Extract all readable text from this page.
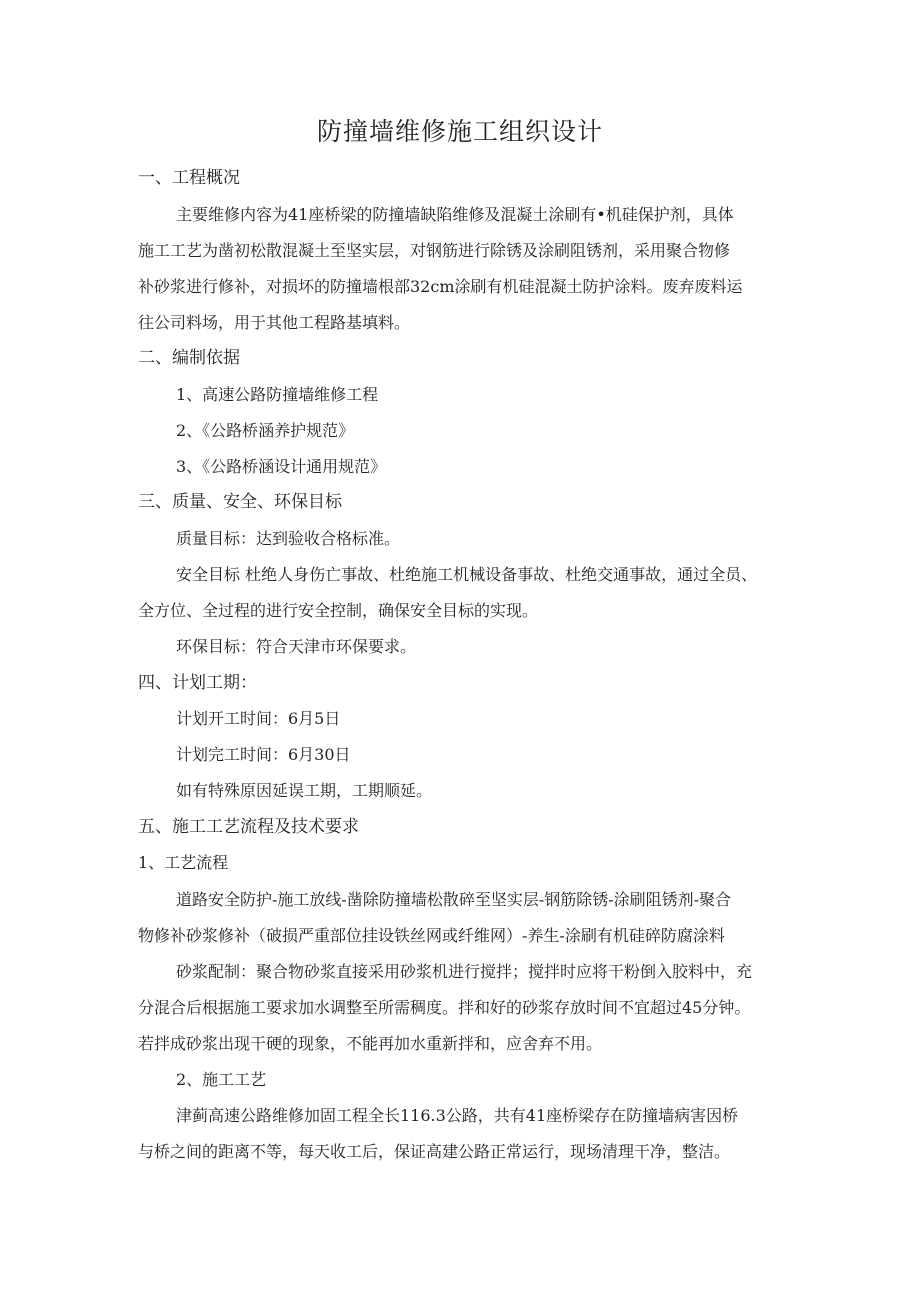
防撞墙维修施工组织设计
一、工程概况
主要维修内容为41座桥梁的防撞墙缺陷维修及混凝土涂刷有•机硅保护剂，具体
施工工艺为凿初松散混凝土至坚实层，对钢筋进行除锈及涂刷阻锈剂，采用聚合物修
补砂浆进行修补，对损坏的防撞墙根部32cm涂刷有机硅混凝土防护涂料。废弃废料运
往公司料场，用于其他工程路基填料。
二、编制依据
1、高速公路防撞墙维修工程
2、《公路桥涵养护规范》
3、《公路桥涵设计通用规范》
三、质量、安全、环保目标
质量目标：达到验收合格标准。
安全目标 杜绝人身伤亡事故、杜绝施工机械设备事故、杜绝交通事故，通过全员、
全方位、全过程的进行安全控制，确保安全目标的实现。
环保目标：符合天津市环保要求。
四、计划工期：
计划开工时间：6月5日
计划完工时间：6月30日
如有特殊原因延误工期，工期顺延。
五、施工工艺流程及技术要求
1、工艺流程
道路安全防护-施工放线-凿除防撞墙松散碎至坚实层-钢筋除锈-涂刷阻锈剂-聚合
物修补砂浆修补（破损严重部位挂设铁丝网或纤维网）-养生-涂刷有机硅碎防腐涂料
砂浆配制：聚合物砂浆直接采用砂浆机进行搅拌；搅拌时应将干粉倒入胶料中，充
分混合后根据施工要求加水调整至所需稠度。拌和好的砂浆存放时间不宜超过45分钟。
若拌成砂浆出现干硬的现象，不能再加水重新拌和，应舍弃不用。
2、施工工艺
津蓟高速公路维修加固工程全长116.3公路，共有41座桥梁存在防撞墙病害因桥
与桥之间的距离不等，每天收工后，保证高建公路正常运行，现场清理干净，整洁。
